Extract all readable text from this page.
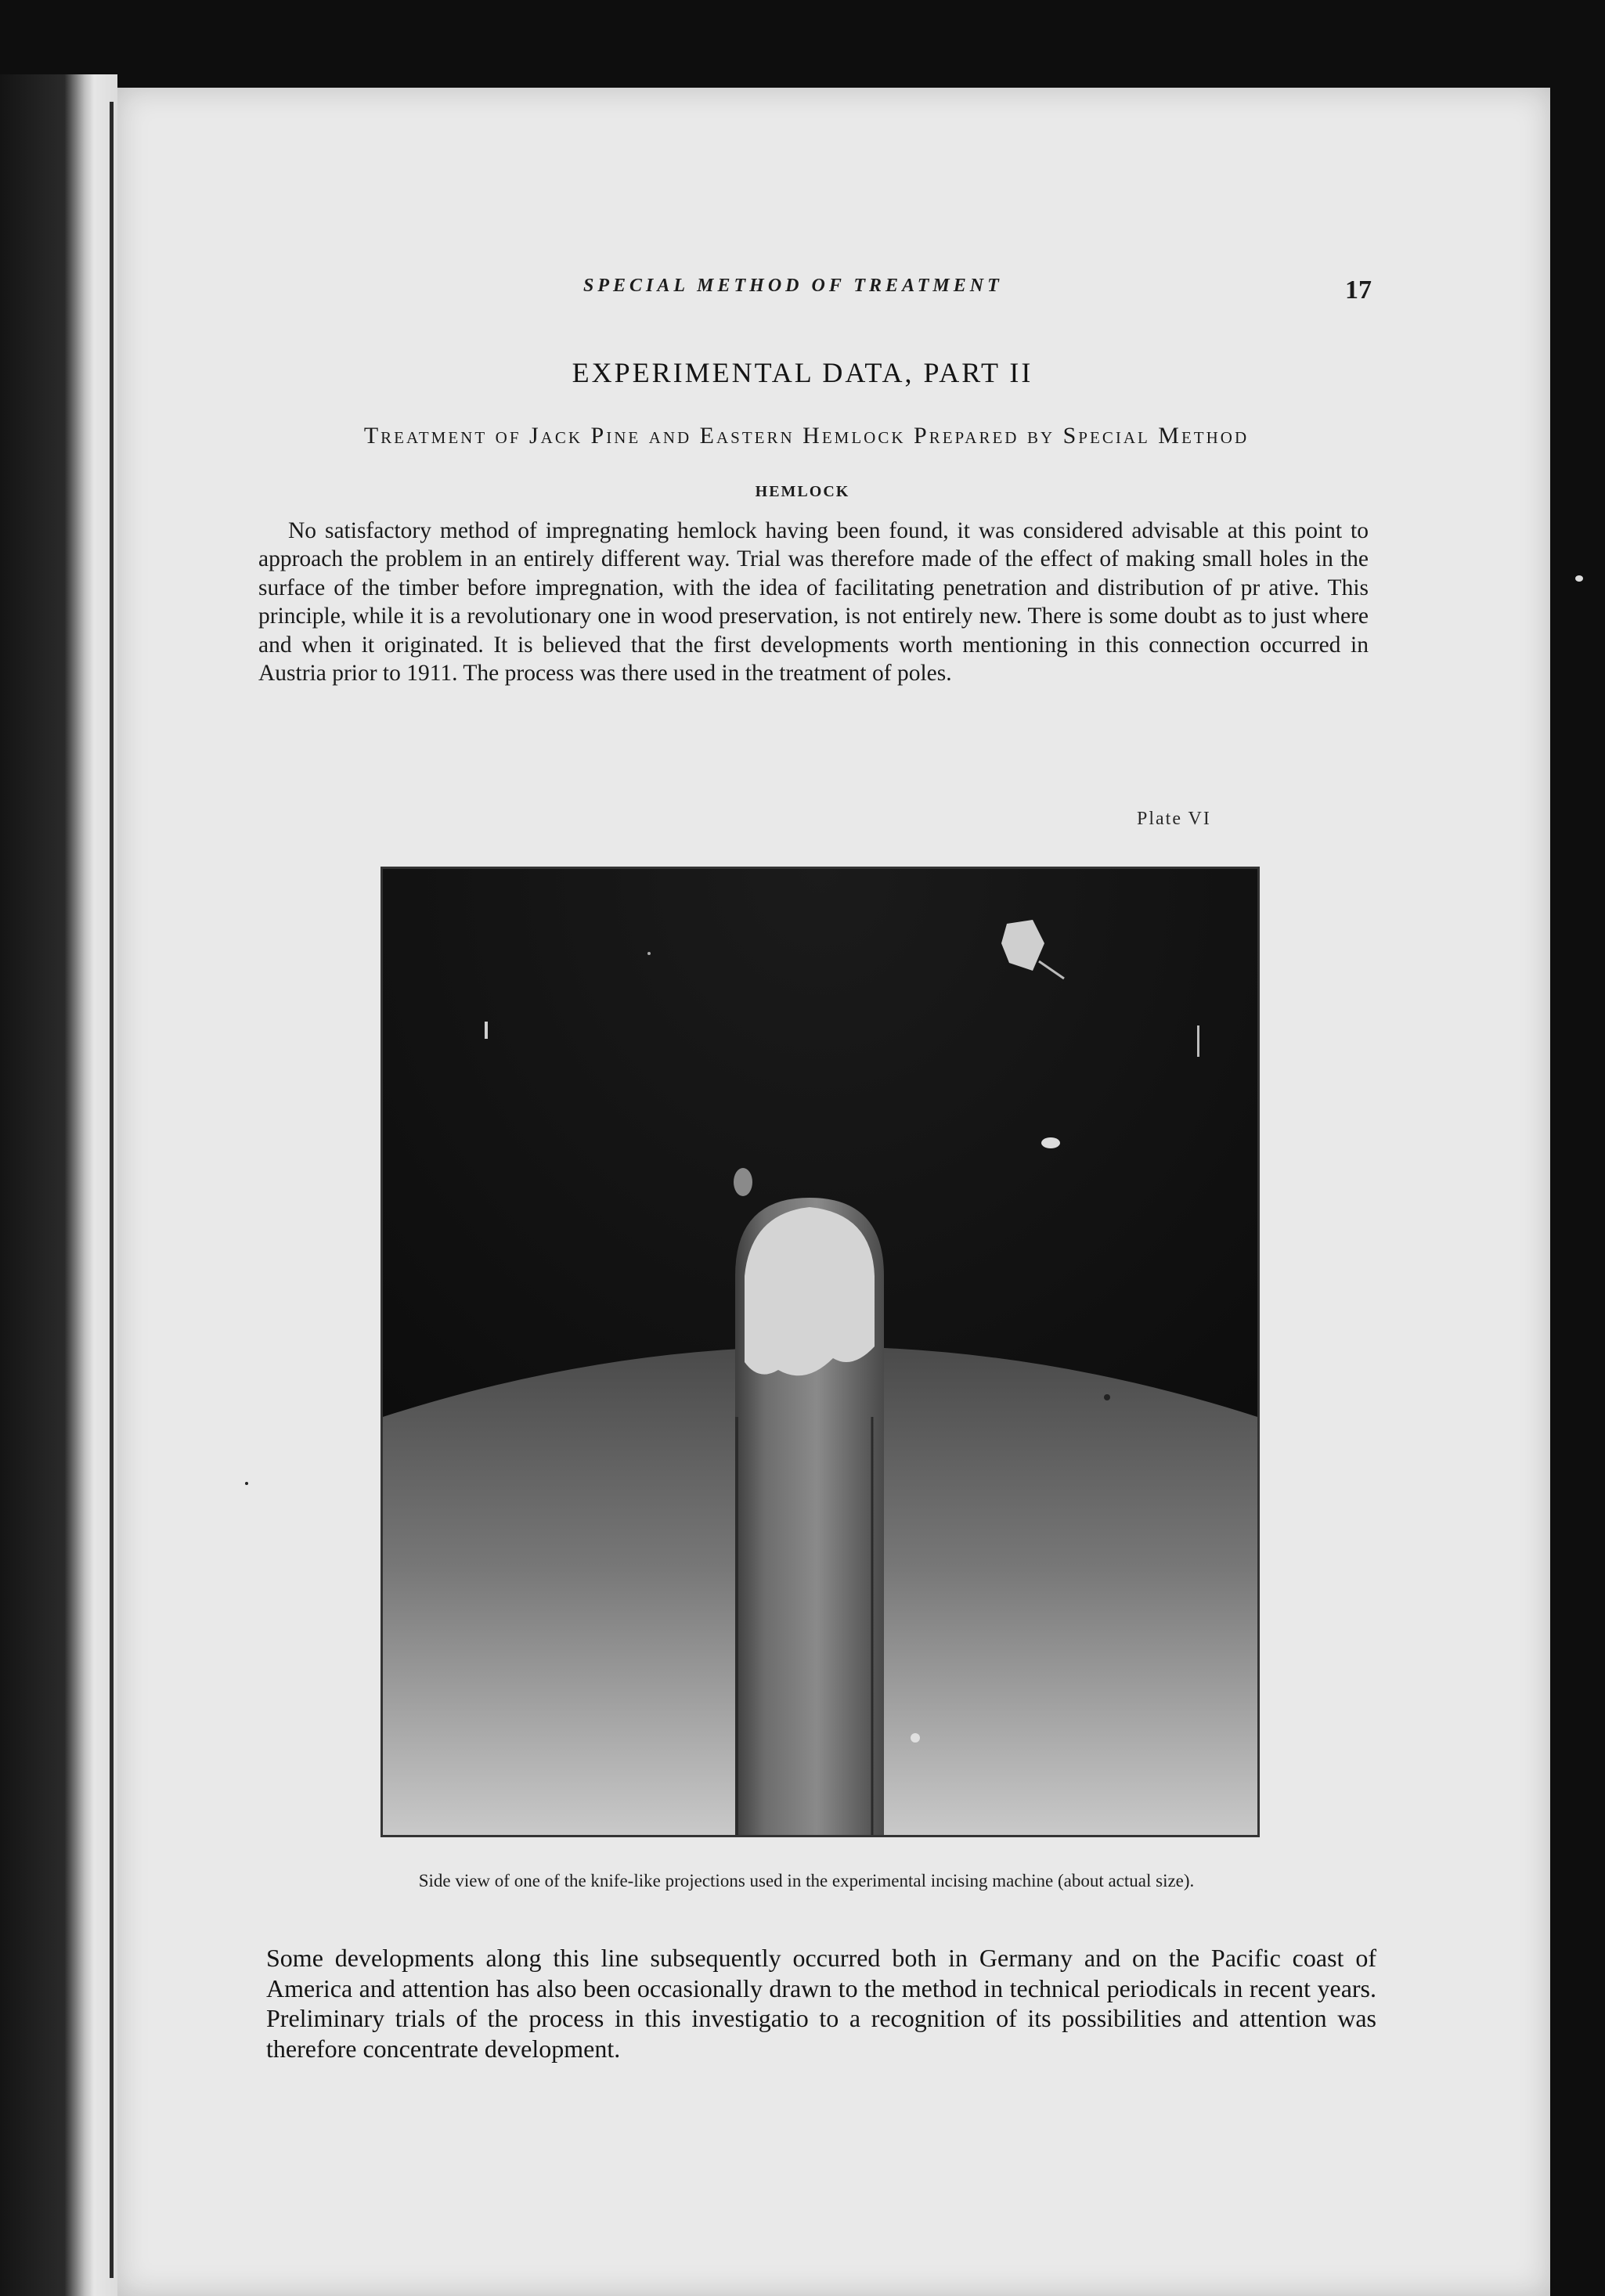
SPECIAL METHOD OF TREATMENT	17
EXPERIMENTAL DATA, PART II
Treatment of Jack Pine and Eastern Hemlock Prepared by Special Method
HEMLOCK

No satisfactory method of impregnating hemlock having been found, it was considered advisable at this point to approach the problem in an entirely different way. Trial was therefore made of the effect of making small holes in the surface of the timber before impregnation, with the idea of facilitating penetration and distribution of pr ative. This principle, while it is a revolutionary one in wood preservation, is not entirely new. There is some doubt as to just where and when it originated. It is believed that the first developments worth mentioning in this connection occurred in Austria prior to 1911. The process was there used in the treatment of poles.

Plate VI
Side view of one of the knife-like projections used in the experimental incising machine (about actual size).

Some developments along this line subsequently occurred both in Germany and on the Pacific coast of America and attention has also been occasionally drawn to the method in technical periodicals in recent years. Preliminary trials of the process in this investigatio to a recognition of its possibilities and attention was therefore concentrate development.
